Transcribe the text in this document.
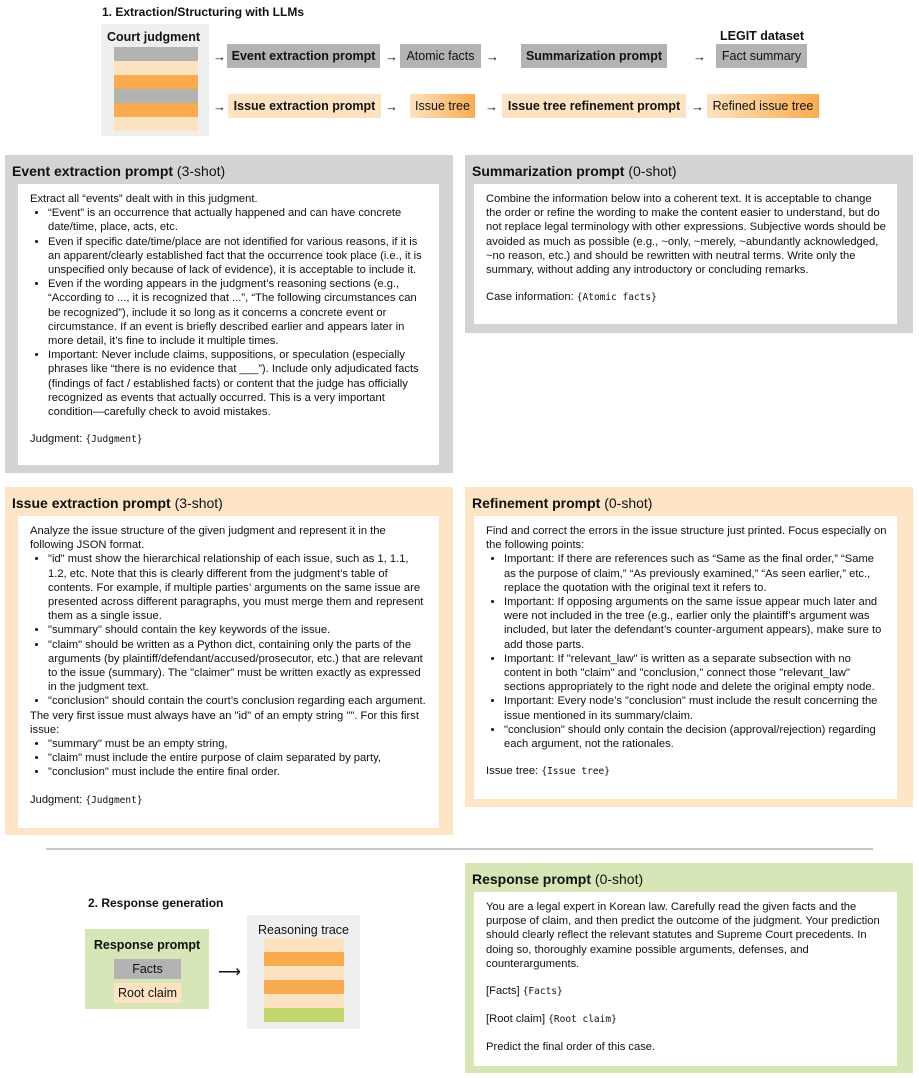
1. Extraction/Structuring with LLMs
Court judgment
→ Event extraction prompt → Atomic facts →	Summarization prompt	→
LEGIT dataset
Fact summary
→ Issue extraction prompt →	Issue tree	→ Issue tree refinement prompt → Refined issue tree
Event extraction prompt (3-shot)

Extract all “events” dealt with in this judgment.

• “Event” is an occurrence that actually happened and can have concrete date/time, place, acts, etc.
• Even if specific date/time/place are not identified for various reasons, if it is an apparent/clearly established fact that the occurrence took place (i.e., it is unspecified only because of lack of evidence), it is acceptable to include it.
• Even if the wording appears in the judgment’s reasoning sections (e.g., “According to ..., it is recognized that ...”, “The following circumstances can be recognized”), include it so long as it concerns a concrete event or circumstance. If an event is briefly described earlier and appears later in more detail, it’s fine to include it multiple times.
• Important: Never include claims, suppositions, or speculation (especially phrases like “there is no evidence that ___”). Include only adjudicated facts (findings of fact / established facts) or content that the judge has officially recognized as events that actually occurred. This is a very important condition—carefully check to avoid mistakes.

Judgment: {Judgment}

Summarization prompt (0-shot)

Combine the information below into a coherent text. It is acceptable to change the order or refine the wording to make the content easier to understand, but do not replace legal terminology with other expressions. Subjective words should be avoided as much as possible (e.g., ~only, ~merely, ~abundantly acknowledged, ~no reason, etc.) and should be rewritten with neutral terms. Write only the summary, without adding any introductory or concluding remarks.

Case information: {Atomic facts}

Issue extraction prompt (3-shot)

Analyze the issue structure of the given judgment and represent it in the following JSON format.

• "id" must show the hierarchical relationship of each issue, such as 1, 1.1, 1.2, etc. Note that this is clearly different from the judgment’s table of contents. For example, if multiple parties’ arguments on the same issue are presented across different paragraphs, you must merge them and represent them as a single issue.
• "summary" should contain the key keywords of the issue.
• "claim" should be written as a Python dict, containing only the parts of the arguments (by plaintiff/defendant/accused/prosecutor, etc.) that are relevant to the issue (summary). The "claimer" must be written exactly as expressed in the judgment text.
• "conclusion" should contain the court’s conclusion regarding each argument.

The very first issue must always have an "id" of an empty string "". For this first issue:

• "summary" must be an empty string,
• "claim" must include the entire purpose of claim separated by party,
• "conclusion" must include the entire final order.

Judgment: {Judgment}

Refinement prompt (0-shot)

Find and correct the errors in the issue structure just printed. Focus especially on the following points:

• Important: If there are references such as “Same as the final order,” “Same as the purpose of claim,” “As previously examined,” “As seen earlier,” etc., replace the quotation with the original text it refers to.
• Important: If opposing arguments on the same issue appear much later and were not included in the tree (e.g., earlier only the plaintiff’s argument was included, but later the defendant’s counter-argument appears), make sure to add those parts.
• Important: If "relevant_law" is written as a separate subsection with no content in both "claim" and "conclusion," connect those "relevant_law" sections appropriately to the right node and delete the original empty node.
• Important: Every node’s "conclusion" must include the result concerning the issue mentioned in its summary/claim.
• "conclusion" should only contain the decision (approval/rejection) regarding each argument, not the rationales.

Issue tree: {Issue tree}

2. Response generation
Response prompt
Facts
Root claim
⟶
Reasoning trace
Response prompt (0-shot)

You are a legal expert in Korean law. Carefully read the given facts and the purpose of claim, and then predict the outcome of the judgment. Your prediction should clearly reflect the relevant statutes and Supreme Court precedents. In doing so, thoroughly examine possible arguments, defenses, and counterarguments.

[Facts] {Facts}

[Root claim] {Root claim}

Predict the final order of this case.
